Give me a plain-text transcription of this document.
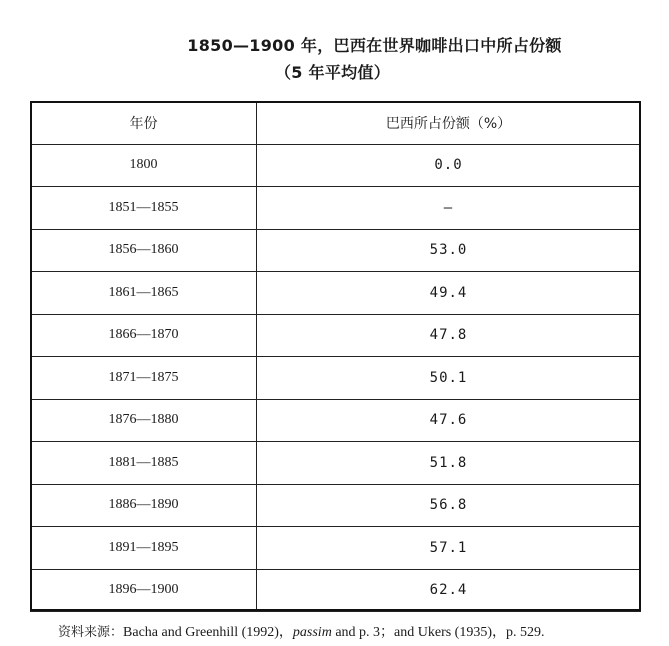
1850—1900 年，巴西在世界咖啡出口中所占份额
（5 年平均值）
年份	巴西所占份额（%）
1800	0.0
1851—1855	—
1856—1860	53.0
1861—1865	49.4
1866—1870	47.8
1871—1875	50.1
1876—1880	47.6
1881—1885	51.8
1886—1890	56.8
1891—1895	57.1
1896—1900	62.4
资料来源：Bacha and Greenhill (1992)，passim and p. 3；and Ukers (1935)，p. 529.
